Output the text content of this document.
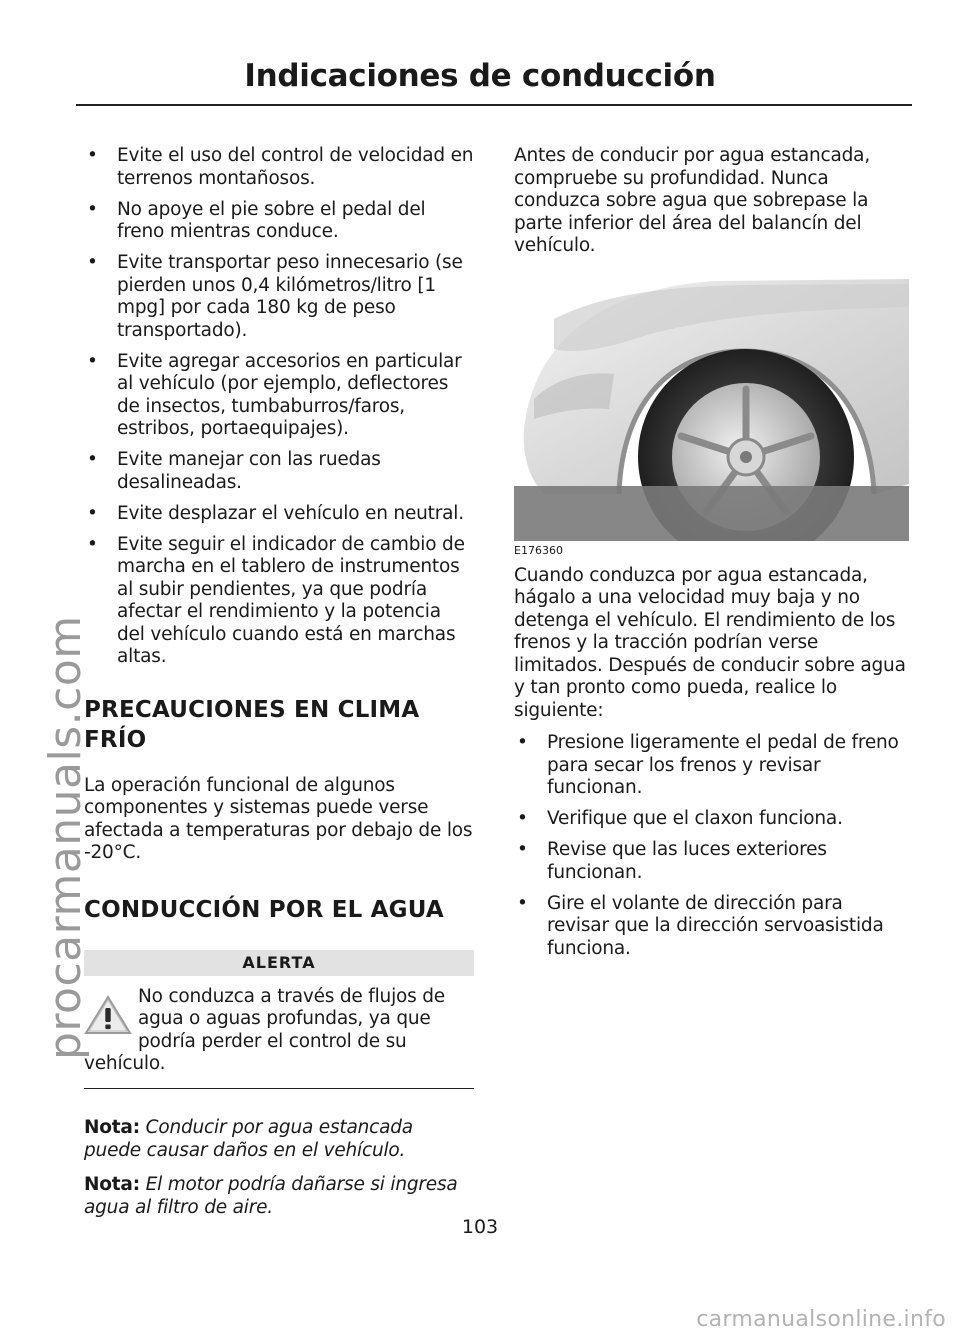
Indicaciones de conducción
• Evite el uso del control de velocidad en terrenos montañosos.
• No apoye el pie sobre el pedal del freno mientras conduce.
• Evite transportar peso innecesario (se pierden unos 0,4 kilómetros/litro [1 mpg] por cada 180 kg de peso transportado).
• Evite agregar accesorios en particular al vehículo (por ejemplo, deflectores de insectos, tumbaburros/faros, estribos, portaequipajes).
• Evite manejar con las ruedas desalineadas.
• Evite desplazar el vehículo en neutral.
• Evite seguir el indicador de cambio de marcha en el tablero de instrumentos al subir pendientes, ya que podría afectar el rendimiento y la potencia del vehículo cuando está en marchas altas.
PRECAUCIONES EN CLIMA FRÍO

La operación funcional de algunos componentes y sistemas puede verse afectada a temperaturas por debajo de los -20°C.

CONDUCCIÓN POR EL AGUA
ALERTA
No conduzca a través de flujos de agua o aguas profundas, ya que podría perder el control de su vehículo.

Nota: Conducir por agua estancada puede causar daños en el vehículo.

Nota: El motor podría dañarse si ingresa agua al filtro de aire.

Antes de conducir por agua estancada, compruebe su profundidad. Nunca conduzca sobre agua que sobrepase la parte inferior del área del balancín del vehículo.

E176360

Cuando conduzca por agua estancada, hágalo a una velocidad muy baja y no detenga el vehículo. El rendimiento de los frenos y la tracción podrían verse limitados. Después de conducir sobre agua y tan pronto como pueda, realice lo siguiente:

• Presione ligeramente el pedal de freno para secar los frenos y revisar funcionan.
• Verifique que el claxon funciona.
• Revise que las luces exteriores funcionan.
• Gire el volante de dirección para revisar que la dirección servoasistida funciona.
103
procarmanuals.com
carmanualsonline.info
